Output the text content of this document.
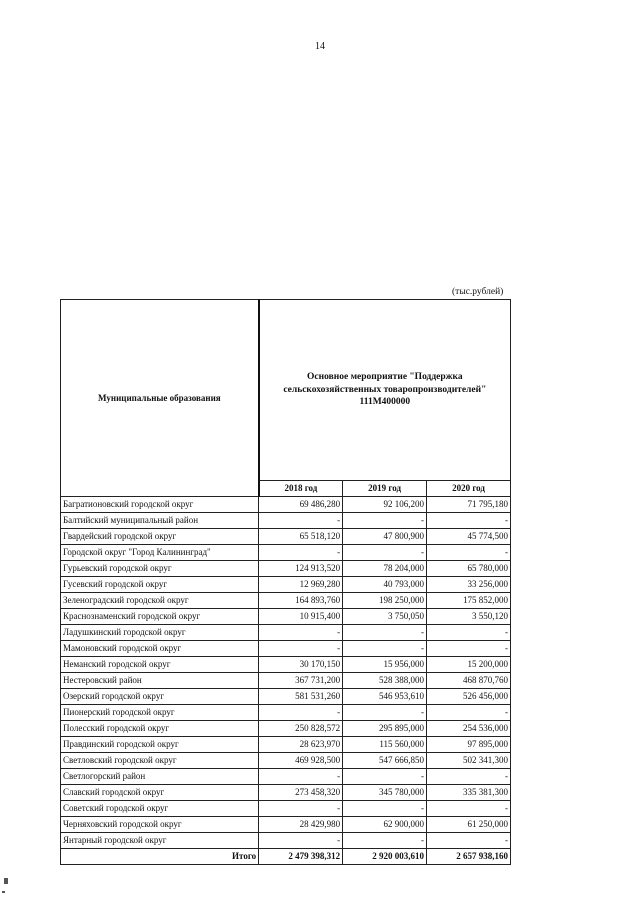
14
(тыс.рублей)
Муниципальные образования	Основное мероприятие "Поддержка сельскохозяйственных товаропроизводителей" 111М400000		
	2018 год	2019 год	2020 год
Багратионовский городской округ	69 486,280	92 106,200	71 795,180
Балтийский муниципальный район	-	-	-
Гвардейский городской округ	65 518,120	47 800,900	45 774,500
Городской округ "Город Калининград"	-	-	-
Гурьевский городской округ	124 913,520	78 204,000	65 780,000
Гусевский городской округ	12 969,280	40 793,000	33 256,000
Зеленоградский городской округ	164 893,760	198 250,000	175 852,000
Краснознаменский городской округ	10 915,400	3 750,050	3 550,120
Ладушкинский городской округ	-	-	-
Мамоновский городской округ	-	-	-
Неманский городской округ	30 170,150	15 956,000	15 200,000
Нестеровский район	367 731,200	528 388,000	468 870,760
Озерский городской округ	581 531,260	546 953,610	526 456,000
Пионерский городской округ	-	-	-
Полесский городской округ	250 828,572	295 895,000	254 536,000
Правдинский городской округ	28 623,970	115 560,000	97 895,000
Светловский городской округ	469 928,500	547 666,850	502 341,300
Светлогорский район	-	-	-
Славский городской округ	273 458,320	345 780,000	335 381,300
Советский городской округ	-	-	-
Черняховский городской округ	28 429,980	62 900,000	61 250,000
Янтарный городской округ	-	-	-
Итого	2 479 398,312	2 920 003,610	2 657 938,160
